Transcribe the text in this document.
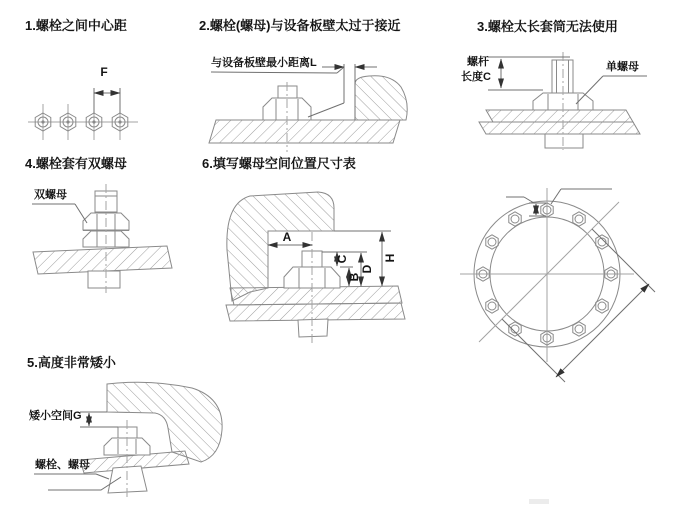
1.螺栓之间中心距	2.螺栓(螺母)与设备板壁太过于接近	3.螺栓太长套筒无法使用
4.螺栓套有双螺母	6.填写螺母空间位置尺寸表
5.高度非常矮小
与设备板壁最小距离L	螺杆
长度C
单螺母
双螺母
矮小空间G
螺栓、螺母
F
A
C
B
D
H
